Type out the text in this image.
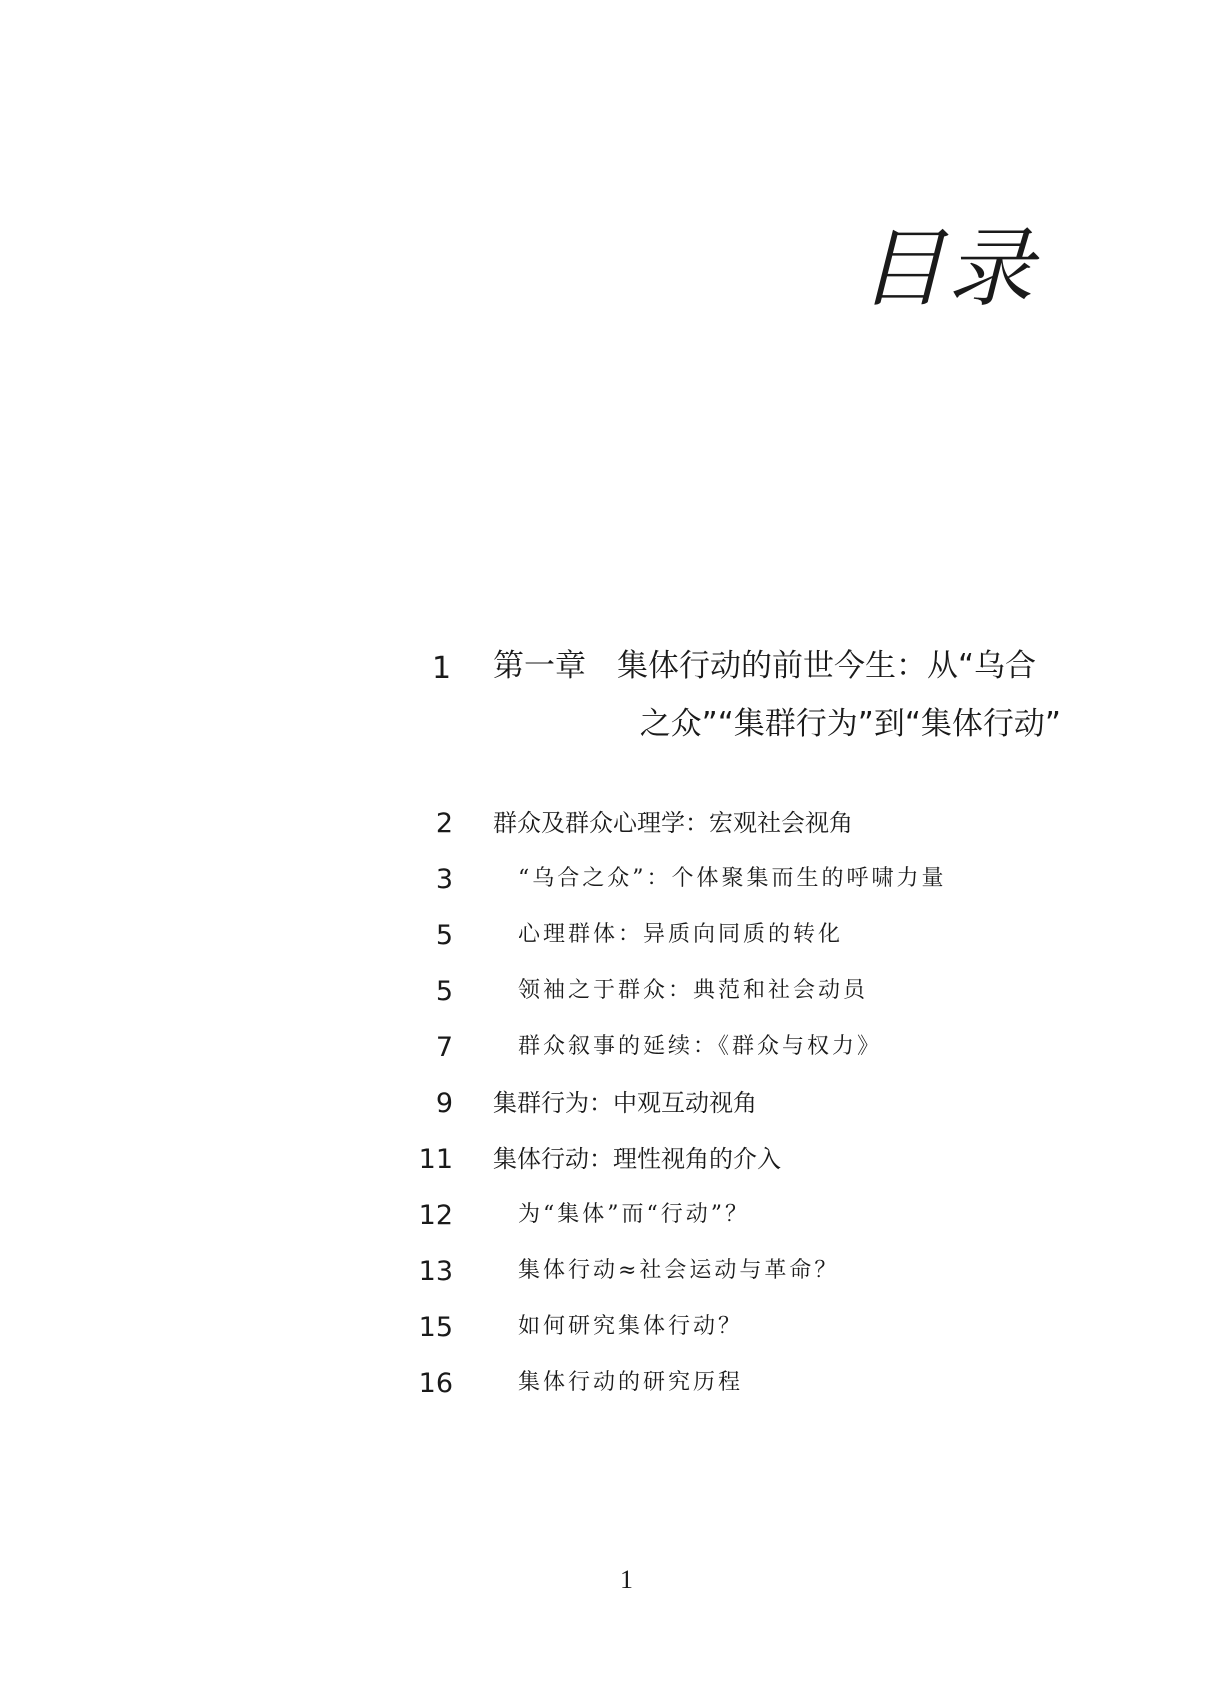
目录
1 第一章　集体行动的前世今生：从“乌合
之众”“集群行为”到“集体行动”
2 群众及群众心理学：宏观社会视角
3	“乌合之众”：个体聚集而生的呼啸力量
5	心理群体：异质向同质的转化
5	领袖之于群众：典范和社会动员
7	群众叙事的延续：《群众与权力》
9 集群行为：中观互动视角
11 集体行动：理性视角的介入
12	为“集体”而“行动”？
13	集体行动≈社会运动与革命？
15	如何研究集体行动？
16	集体行动的研究历程
1
